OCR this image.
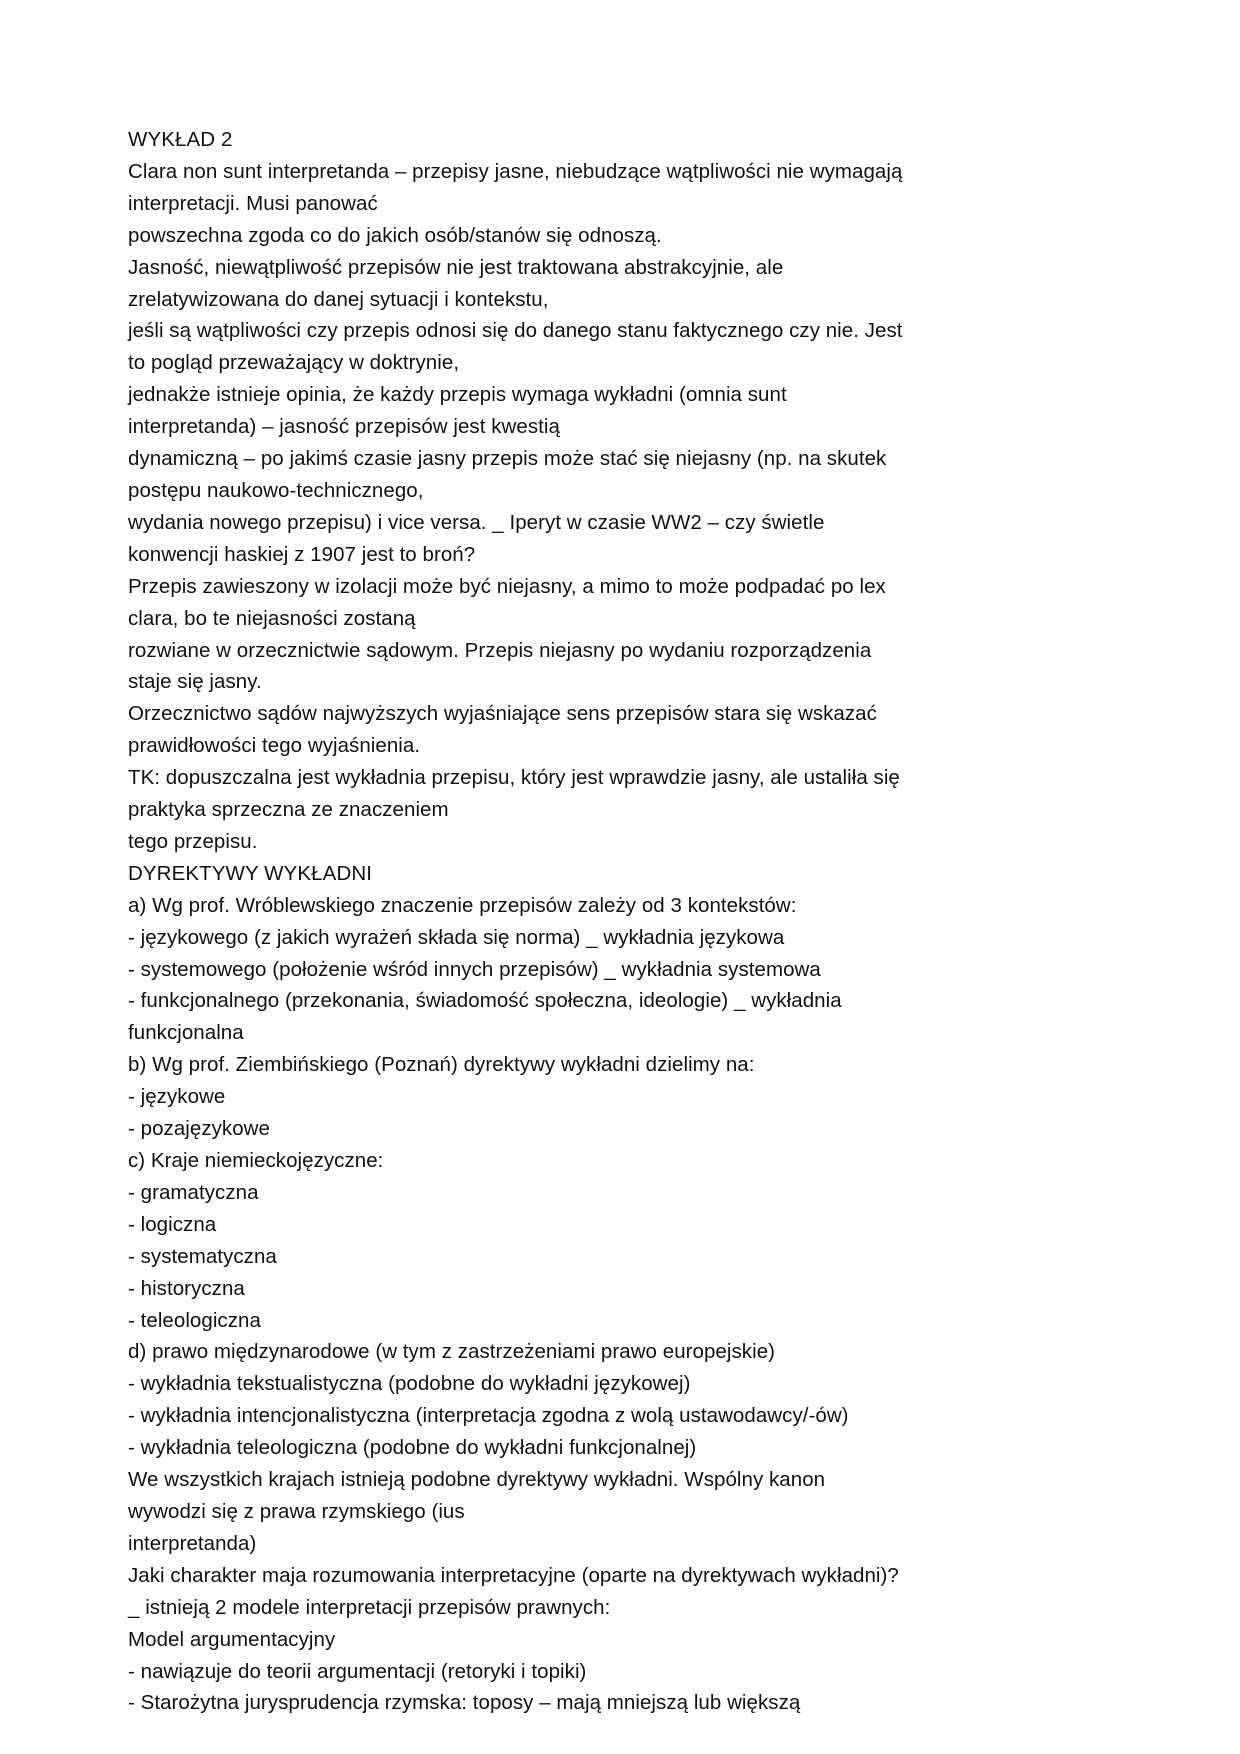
WYKŁAD 2
Clara non sunt interpretanda – przepisy jasne, niebudzące wątpliwości nie wymagają
interpretacji. Musi panować
powszechna zgoda co do jakich osób/stanów się odnoszą.
Jasność, niewątpliwość przepisów nie jest traktowana abstrakcyjnie, ale
zrelatywizowana do danej sytuacji i kontekstu,
jeśli są wątpliwości czy przepis odnosi się do danego stanu faktycznego czy nie. Jest
to pogląd przeważający w doktrynie,
jednakże istnieje opinia, że każdy przepis wymaga wykładni (omnia sunt
interpretanda) – jasność przepisów jest kwestią
dynamiczną – po jakimś czasie jasny przepis może stać się niejasny (np. na skutek
postępu naukowo-technicznego,
wydania nowego przepisu) i vice versa. _ Iperyt w czasie WW2 – czy świetle
konwencji haskiej z 1907 jest to broń?
Przepis zawieszony w izolacji może być niejasny, a mimo to może podpadać po lex
clara, bo te niejasności zostaną
rozwiane w orzecznictwie sądowym. Przepis niejasny po wydaniu rozporządzenia
staje się jasny.
Orzecznictwo sądów najwyższych wyjaśniające sens przepisów stara się wskazać
prawidłowości tego wyjaśnienia.
TK: dopuszczalna jest wykładnia przepisu, który jest wprawdzie jasny, ale ustaliła się
praktyka sprzeczna ze znaczeniem
tego przepisu.
DYREKTYWY WYKŁADNI
a) Wg prof. Wróblewskiego znaczenie przepisów zależy od 3 kontekstów:
- językowego (z jakich wyrażeń składa się norma) _ wykładnia językowa
- systemowego (położenie wśród innych przepisów) _ wykładnia systemowa
- funkcjonalnego (przekonania, świadomość społeczna, ideologie) _ wykładnia
funkcjonalna
b) Wg prof. Ziembińskiego (Poznań) dyrektywy wykładni dzielimy na:
- językowe
- pozajęzykowe
c) Kraje niemieckojęzyczne:
- gramatyczna
- logiczna
- systematyczna
- historyczna
- teleologiczna
d) prawo międzynarodowe (w tym z zastrzeżeniami prawo europejskie)
- wykładnia tekstualistyczna (podobne do wykładni językowej)
- wykładnia intencjonalistyczna (interpretacja zgodna z wolą ustawodawcy/-ów)
- wykładnia teleologiczna (podobne do wykładni funkcjonalnej)
We wszystkich krajach istnieją podobne dyrektywy wykładni. Wspólny kanon
wywodzi się z prawa rzymskiego (ius
interpretanda)
Jaki charakter maja rozumowania interpretacyjne (oparte na dyrektywach wykładni)?
_ istnieją 2 modele interpretacji przepisów prawnych:
Model argumentacyjny
- nawiązuje do teorii argumentacji (retoryki i topiki)
- Starożytna jurysprudencja rzymska: toposy – mają mniejszą lub większą
